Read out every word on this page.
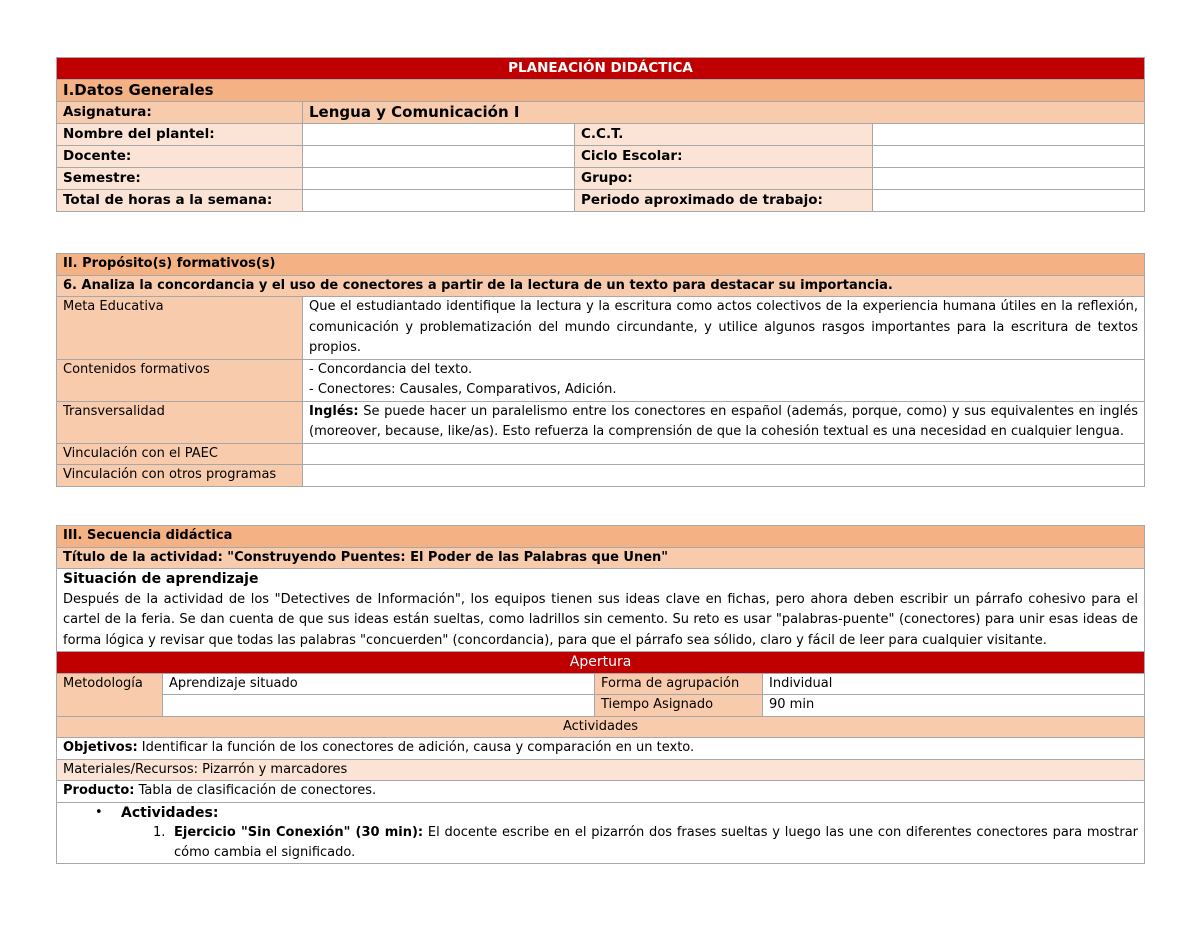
PLANEACIÓN DIDÁCTICA			
I.Datos Generales			
Asignatura:	Lengua y Comunicación I		
Nombre del plantel:		C.C.T.	
Docente:		Ciclo Escolar:	
Semestre:		Grupo:	
Total de horas a la semana:		Periodo aproximado de trabajo:	
II. Propósito(s) formativos(s)	
6. Analiza la concordancia y el uso de conectores a partir de la lectura de un texto para destacar su importancia.	
Meta Educativa	Que el estudiantado identifique la lectura y la escritura como actos colectivos de la experiencia humana útiles en la reflexión, comunicación y problematización del mundo circundante, y utilice algunos rasgos importantes para la escritura de textos propios.
Contenidos formativos	- Concordancia del texto.
- Conectores: Causales, Comparativos, Adición.

Transversalidad	Inglés: Se puede hacer un paralelismo entre los conectores en español (además, porque, como) y sus equivalentes en inglés (moreover, because, like/as). Esto refuerza la comprensión de que la cohesión textual es una necesidad en cualquier lengua.
Vinculación con el PAEC	
Vinculación con otros programas	
III. Secuencia didáctica			
Título de la actividad: "Construyendo Puentes: El Poder de las Palabras que Unen"			

Situación de aprendizaje
Después de la actividad de los "Detectives de Información", los equipos tienen sus ideas clave en fichas, pero ahora deben escribir un párrafo cohesivo para el cartel de la feria. Se dan cuenta de que sus ideas están sueltas, como ladrillos sin cemento. Su reto es usar "palabras-puente" (conectores) para unir esas ideas de forma lógica y revisar que todas las palabras "concuerden" (concordancia), para que el párrafo sea sólido, claro y fácil de leer para cualquier visitante.			

Apertura			
Metodología	Aprendizaje situado	Forma de agrupación	Individual
		Tiempo Asignado	90 min
Actividades			
Objetivos: Identificar la función de los conectores de adición, causa y comparación en un texto.			
Materiales/Recursos: Pizarrón y marcadores			
Producto: Tabla de clasificación de conectores.			

• Actividades:
1. Ejercicio "Sin Conexión" (30 min): El docente escribe en el pizarrón dos frases sueltas y luego las une con diferentes conectores para mostrar cómo cambia el significado.			
